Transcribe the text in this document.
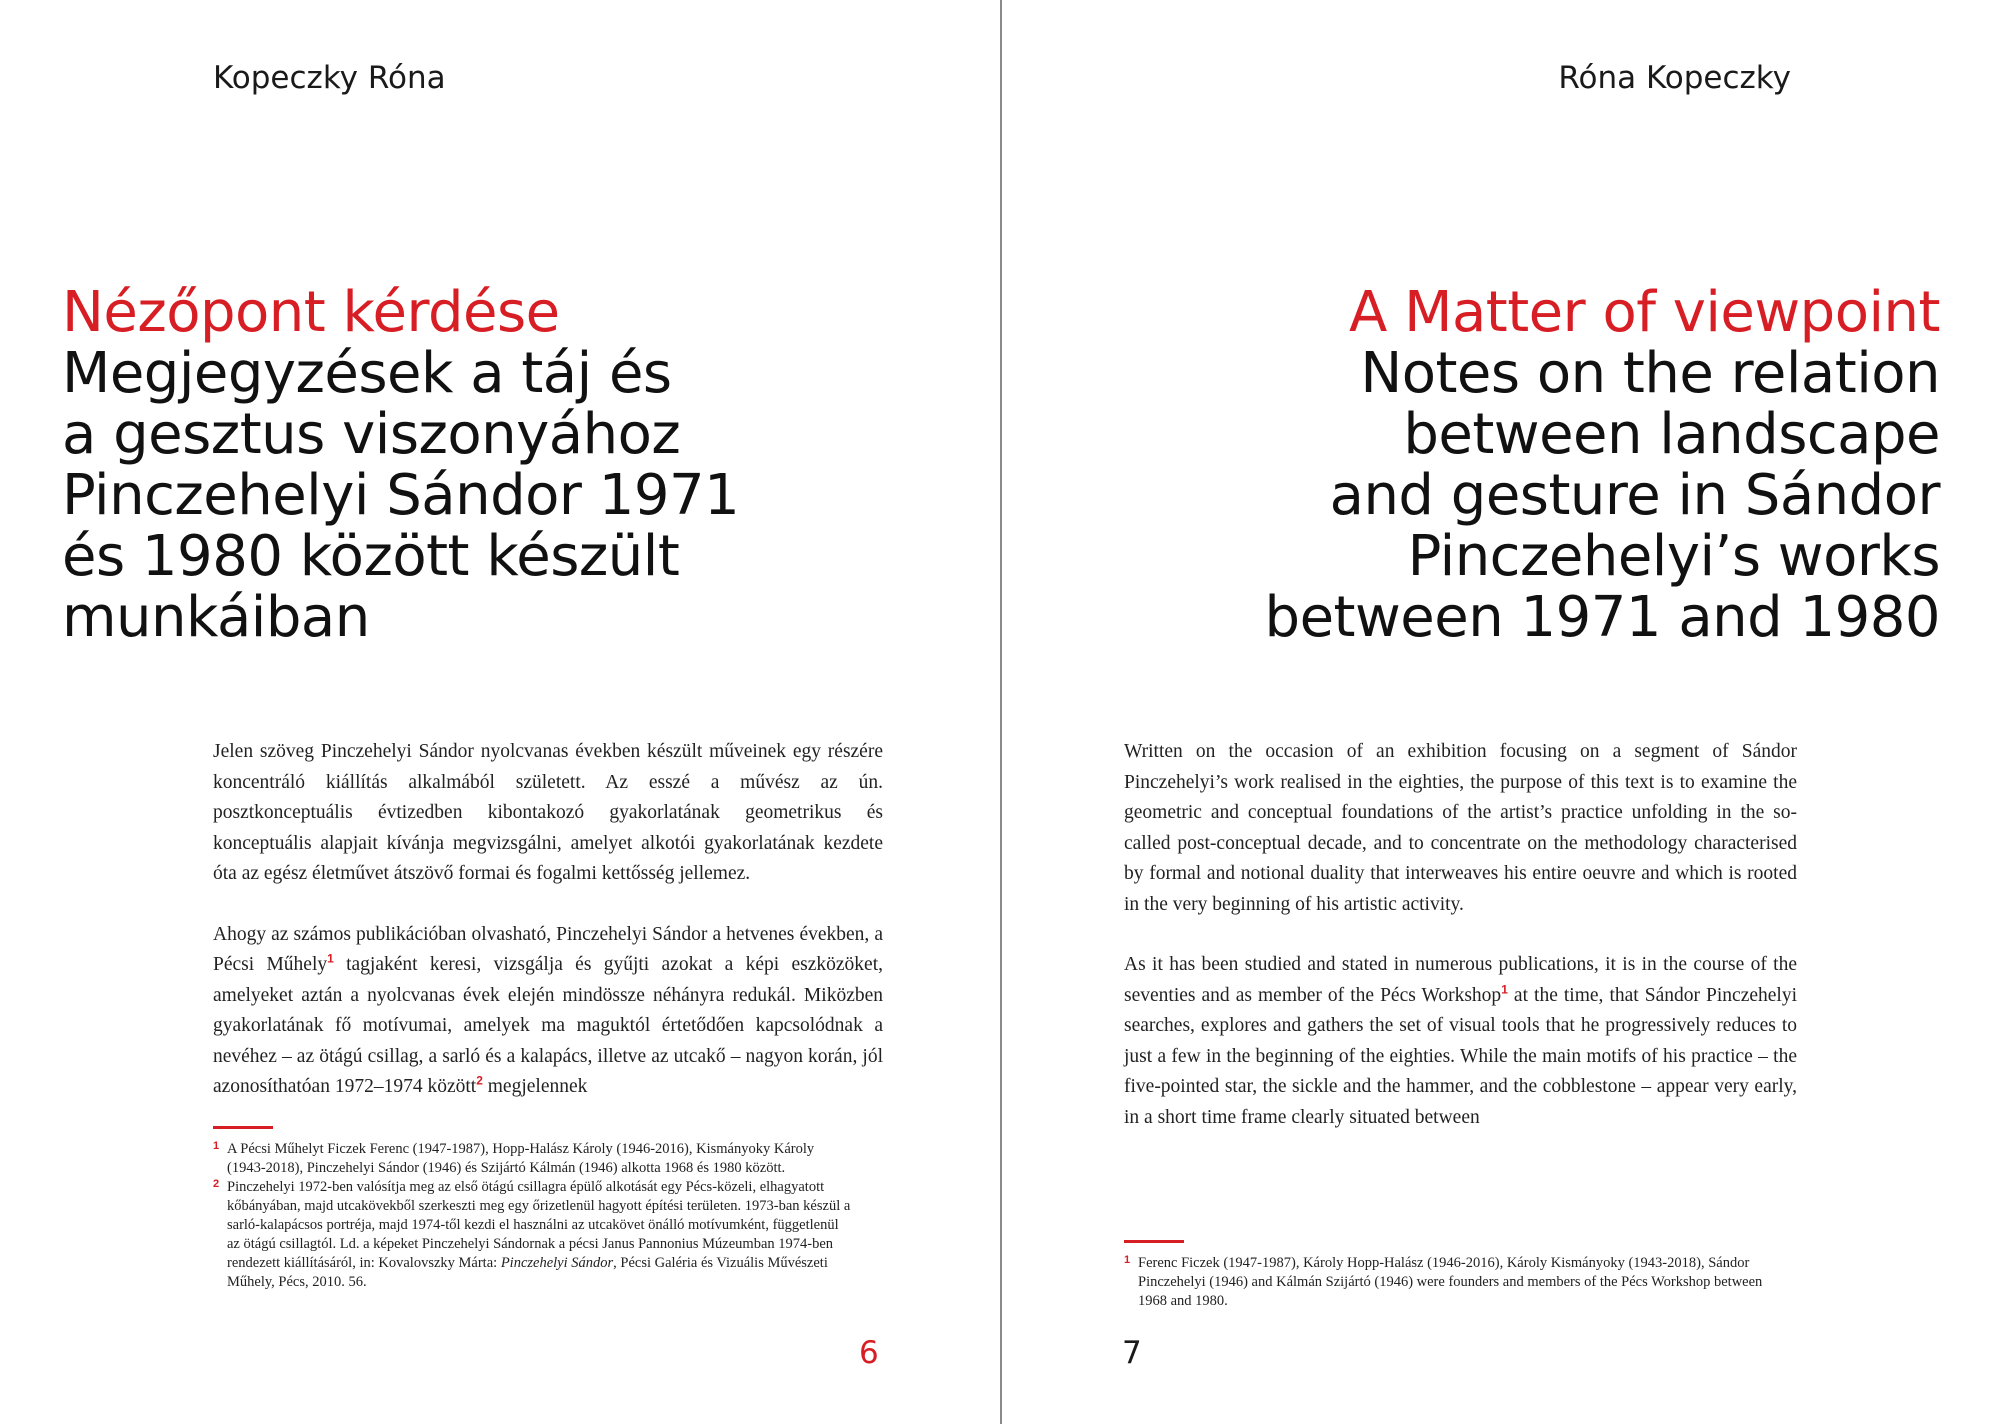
Kopeczky Róna
Nézőpont kérdése
Megjegyzések a táj és
a gesztus viszonyához
Pinczehelyi Sándor 1971
és 1980 között készült
munkáiban

Jelen szöveg Pinczehelyi Sándor nyolcvanas években készült műveinek egy részére koncentráló kiállítás alkalmából született. Az esszé a művész az ún. posztkonceptuális évtizedben kibontakozó gyakorlatának geometrikus és konceptuális alapjait kívánja megvizsgálni, amelyet alkotói gyakorlatának kezdete óta az egész életművet átszövő formai és fogalmi kettősség jellemez.

Ahogy az számos publikációban olvasható, Pinczehelyi Sándor a hetvenes években, a Pécsi Műhely$^1$ tagjaként keresi, vizsgálja és gyűjti azokat a képi eszközöket, amelyeket aztán a nyolcvanas évek elején mindössze néhányra redukál. Miközben gyakorlatának fő motívumai, amelyek ma maguktól értetődően kapcsolódnak a nevéhez – az ötágú csillag, a sarló és a kalapács, illetve az utcakő – nagyon korán, jól azonosíthatóan 1972–1974 között$^2$ megjelennek

1 A Pécsi Műhelyt Ficzek Ferenc (1947-1987), Hopp-Halász Károly (1946-2016), Kismányoky Károly (1943-2018), Pinczehelyi Sándor (1946) és Szijártó Kálmán (1946) alkotta 1968 és 1980 között.

2 Pinczehelyi 1972-ben valósítja meg az első ötágú csillagra épülő alkotását egy Pécs-közeli, elhagyatott kőbányában, majd utcakövekből szerkeszti meg egy őrizetlenül hagyott építési területen. 1973-ban készül a sarló-kalapácsos portréja, majd 1974-től kezdi el használni az utcakövet önálló motívumként, függetlenül az ötágú csillagtól. Ld. a képeket Pinczehelyi Sándornak a pécsi Janus Pannonius Múzeumban 1974-ben rendezett kiállításáról, in: Kovalovszky Márta: Pinczehelyi Sándor, Pécsi Galéria és Vizuális Művészeti Műhely, Pécs, 2010. 56.

6
Róna Kopeczky
A Matter of viewpoint
Notes on the relation
between landscape
and gesture in Sándor
Pinczehelyi’s works
between 1971 and 1980

Written on the occasion of an exhibition focusing on a segment of Sándor Pinczehelyi’s work realised in the eighties, the purpose of this text is to examine the geometric and conceptual foundations of the artist’s practice unfolding in the so-called post-conceptual decade, and to concentrate on the methodology characterised by formal and notional duality that interweaves his entire oeuvre and which is rooted in the very beginning of his artistic activity.

As it has been studied and stated in numerous publications, it is in the course of the seventies and as member of the Pécs Workshop$^1$ at the time, that Sándor Pinczehelyi searches, explores and gathers the set of visual tools that he progressively reduces to just a few in the beginning of the eighties. While the main motifs of his practice – the five-pointed star, the sickle and the hammer, and the cobblestone – appear very early, in a short time frame clearly situated between

1 Ferenc Ficzek (1947-1987), Károly Hopp-Halász (1946-2016), Károly Kismányoky (1943-2018), Sándor Pinczehelyi (1946) and Kálmán Szijártó (1946) were founders and members of the Pécs Workshop between 1968 and 1980.

7
